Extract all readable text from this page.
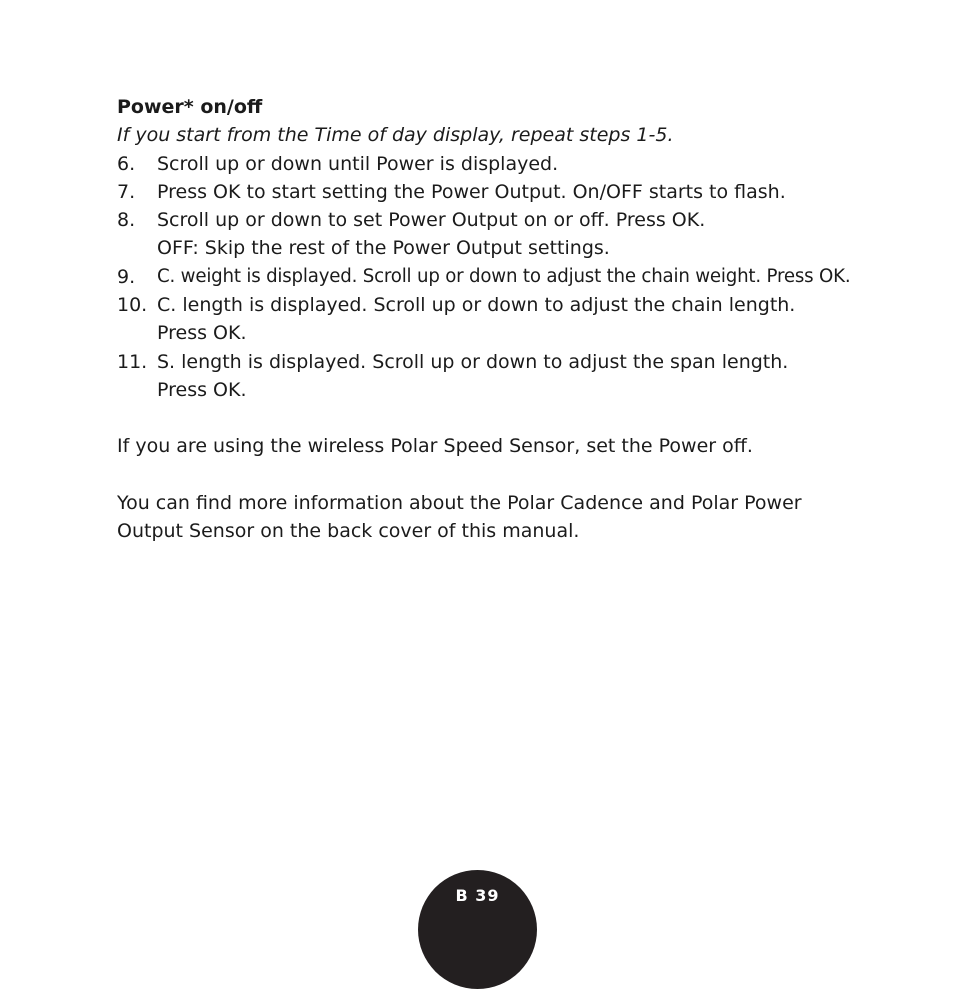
Power* on/off

If you start from the Time of day display, repeat steps 1-5.

6.	Scroll up or down until Power is displayed.
7.	Press OK to start setting the Power Output. On/OFF starts to flash.
8.	Scroll up or down to set Power Output on or off. Press OK.
OFF: Skip the rest of the Power Output settings.
9.	C. weight is displayed. Scroll up or down to adjust the chain weight. Press OK.
10. C. length is displayed. Scroll up or down to adjust the chain length.
Press OK.
11. S. length is displayed. Scroll up or down to adjust the span length.
Press OK.

If you are using the wireless Polar Speed Sensor, set the Power off.

You can find more information about the Polar Cadence and Polar Power
Output Sensor on the back cover of this manual.

B 39
